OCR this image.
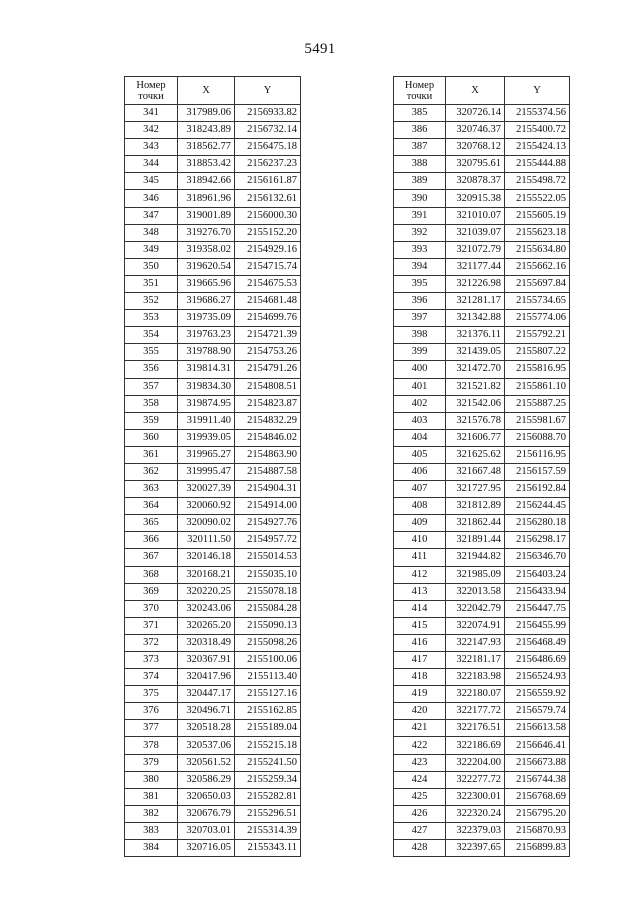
5491
Номер
точки	X	Y
341	317989.06	2156933.82
342	318243.89	2156732.14
343	318562.77	2156475.18
344	318853.42	2156237.23
345	318942.66	2156161.87
346	318961.96	2156132.61
347	319001.89	2156000.30
348	319276.70	2155152.20
349	319358.02	2154929.16
350	319620.54	2154715.74
351	319665.96	2154675.53
352	319686.27	2154681.48
353	319735.09	2154699.76
354	319763.23	2154721.39
355	319788.90	2154753.26
356	319814.31	2154791.26
357	319834.30	2154808.51
358	319874.95	2154823.87
359	319911.40	2154832.29
360	319939.05	2154846.02
361	319965.27	2154863.90
362	319995.47	2154887.58
363	320027.39	2154904.31
364	320060.92	2154914.00
365	320090.02	2154927.76
366	320111.50	2154957.72
367	320146.18	2155014.53
368	320168.21	2155035.10
369	320220.25	2155078.18
370	320243.06	2155084.28
371	320265.20	2155090.13
372	320318.49	2155098.26
373	320367.91	2155100.06
374	320417.96	2155113.40
375	320447.17	2155127.16
376	320496.71	2155162.85
377	320518.28	2155189.04
378	320537.06	2155215.18
379	320561.52	2155241.50
380	320586.29	2155259.34
381	320650.03	2155282.81
382	320676.79	2155296.51
383	320703.01	2155314.39
384	320716.05	2155343.11
Номер
точки	X	Y
385	320726.14	2155374.56
386	320746.37	2155400.72
387	320768.12	2155424.13
388	320795.61	2155444.88
389	320878.37	2155498.72
390	320915.38	2155522.05
391	321010.07	2155605.19
392	321039.07	2155623.18
393	321072.79	2155634.80
394	321177.44	2155662.16
395	321226.98	2155697.84
396	321281.17	2155734.65
397	321342.88	2155774.06
398	321376.11	2155792.21
399	321439.05	2155807.22
400	321472.70	2155816.95
401	321521.82	2155861.10
402	321542.06	2155887.25
403	321576.78	2155981.67
404	321606.77	2156088.70
405	321625.62	2156116.95
406	321667.48	2156157.59
407	321727.95	2156192.84
408	321812.89	2156244.45
409	321862.44	2156280.18
410	321891.44	2156298.17
411	321944.82	2156346.70
412	321985.09	2156403.24
413	322013.58	2156433.94
414	322042.79	2156447.75
415	322074.91	2156455.99
416	322147.93	2156468.49
417	322181.17	2156486.69
418	322183.98	2156524.93
419	322180.07	2156559.92
420	322177.72	2156579.74
421	322176.51	2156613.58
422	322186.69	2156646.41
423	322204.00	2156673.88
424	322277.72	2156744.38
425	322300.01	2156768.69
426	322320.24	2156795.20
427	322379.03	2156870.93
428	322397.65	2156899.83
